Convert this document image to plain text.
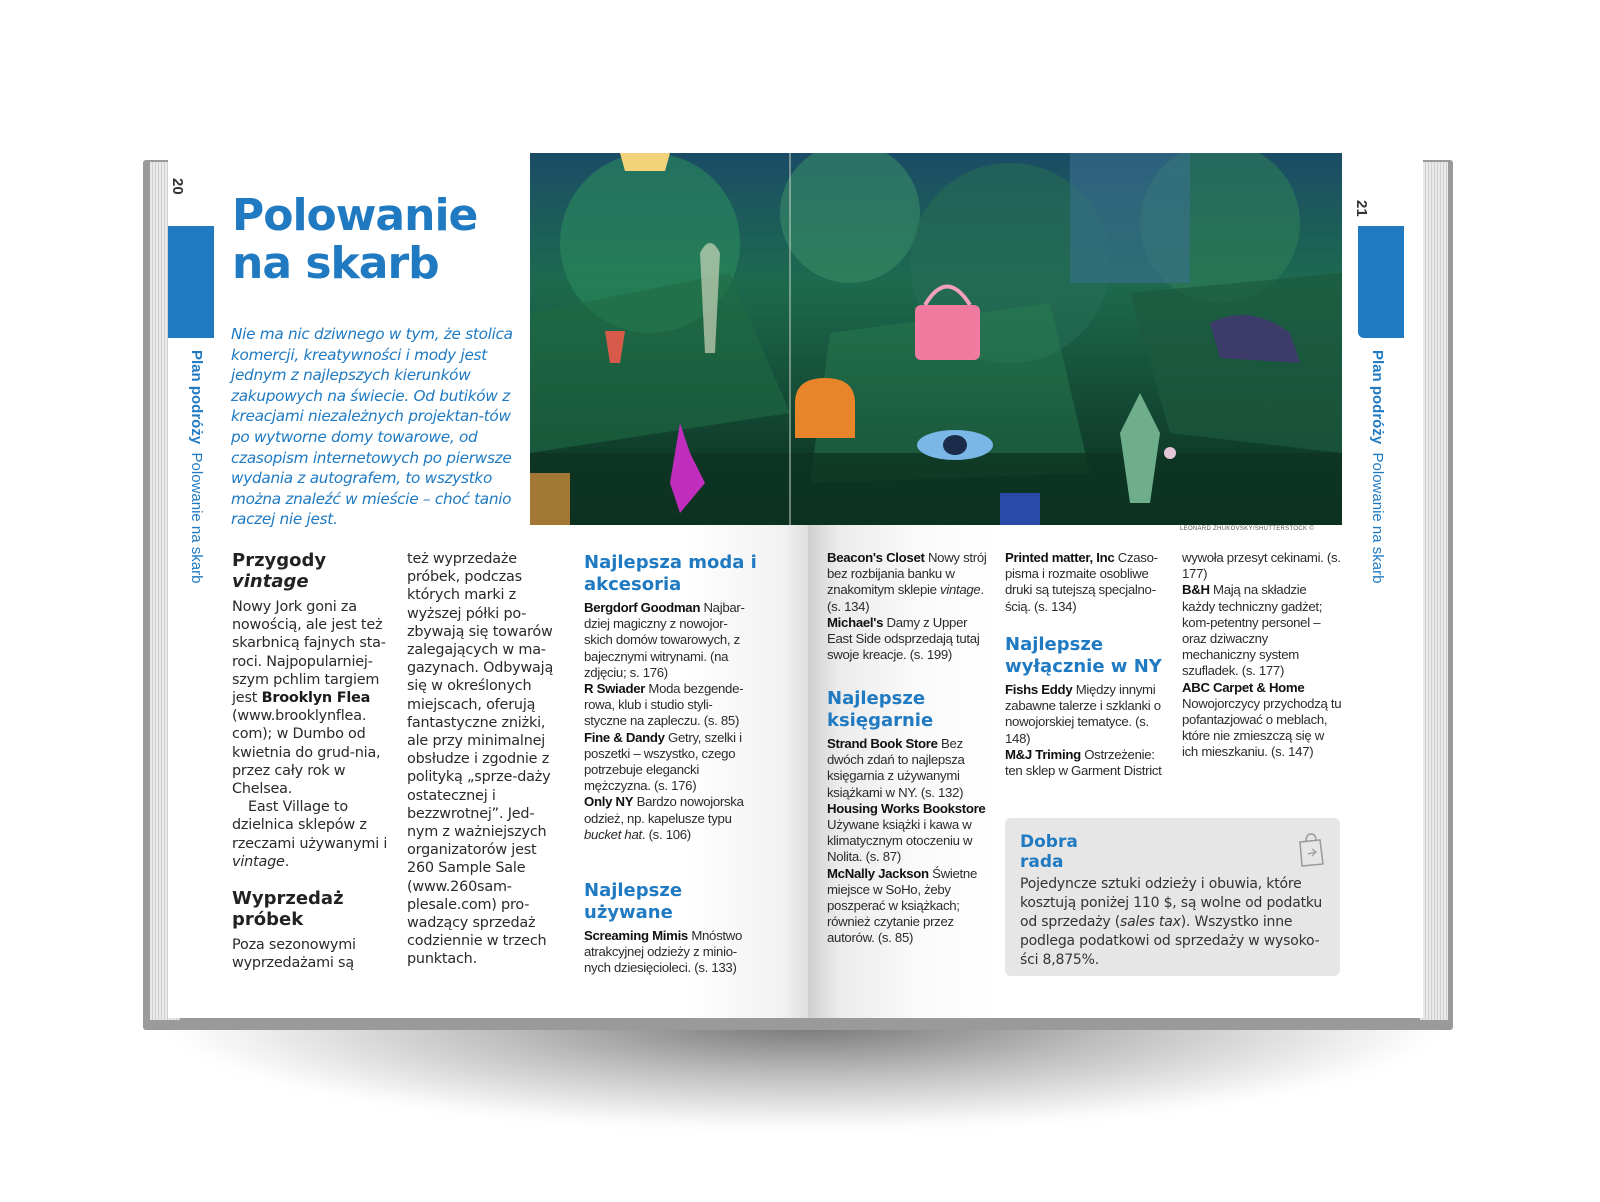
20
Plan podróży  Polowanie na skarb
Polowanie
na skarb
Nie ma nic dziwnego w tym, że stolica komercji, kreatywności i mody jest jednym z najlepszych kierunków zakupowych na świecie. Od butików z kreacjami niezależnych projektan-tów po wytworne domy towarowe, od czasopism internetowych po pierwsze wydania z autografem, to wszystko można znaleźć w mieście – choć tanio raczej nie jest.
Przygody
vintage
Nowy Jork goni za nowością, ale jest też skarbnicą fajnych sta-roci. Najpopularniej-szym pchlim targiem jest Brooklyn Flea (www.brooklynflea. com); w Dumbo od kwietnia do grud-nia, przez cały rok w Chelsea.
East Village to dzielnica sklepów z rzeczami używanymi i vintage.
Wyprzedaż próbek
Poza sezonowymi wyprzedażami są
też wyprzedaże próbek, podczas których marki z wyższej półki po-zbywają się towarów zalegających w ma-gazynach. Odbywają się w określonych miejscach, oferują fantastyczne zniżki, ale przy minimalnej obsłudze i zgodnie z polityką „sprze-daży ostatecznej i bezzwrotnej”. Jed-nym z ważniejszych organizatorów jest 260 Sample Sale (www.260sam-plesale.com) pro-wadzący sprzedaż codziennie w trzech punktach.
Najlepsza moda i akcesoria
Bergdorf Goodman Najbar-dziej magiczny z nowojor-skich domów towarowych, z bajecznymi witrynami. (na zdjęciu; s. 176)
R Swiader Moda bezgende-rowa, klub i studio styli-styczne na zapleczu. (s. 85)
Fine & Dandy Getry, szelki i poszetki – wszystko, czego potrzebuje elegancki mężczyzna. (s. 176)
Only NY Bardzo nowojorska odzież, np. kapelusze typu bucket hat. (s. 106)
Najlepsze używane
Screaming Mimis Mnóstwo atrakcyjnej odzieży z minio-nych dziesięcioleci. (s. 133)
21
Plan podróży  Polowanie na skarb
LEONARD ZHUKOVSKY/SHUTTERSTOCK ©
Beacon's Closet Nowy strój bez rozbijania banku w znakomitym sklepie vintage. (s. 134)
Michael's Damy z Upper East Side odsprzedają tutaj swoje kreacje. (s. 199)
Najlepsze księgarnie
Strand Book Store Bez dwóch zdań to najlepsza księgarnia z używanymi książkami w NY. (s. 132)
Housing Works Bookstore Używane książki i kawa w klimatycznym otoczeniu w Nolita. (s. 87)
McNally Jackson Świetne miejsce w SoHo, żeby poszperać w książkach; również czytanie przez autorów. (s. 85)
Printed matter, Inc Czaso-pisma i rozmaite osobliwe druki są tutejszą specjalno-ścią. (s. 134)
Najlepsze wyłącznie w NY
Fishs Eddy Między innymi zabawne talerze i szklanki o nowojorskiej tematyce. (s. 148)
M&J Triming Ostrzeżenie: ten sklep w Garment District
wywoła przesyt cekinami. (s. 177)
B&H Mają na składzie każdy techniczny gadżet; kom-petentny personel – oraz dziwaczny mechaniczny system szufladek. (s. 177)
ABC Carpet & Home Nowojorczycy przychodzą tu pofantazjować o meblach, które nie zmieszczą się w ich mieszkaniu. (s. 147)
Dobra
rada
Pojedyncze sztuki odzieży i obuwia, które kosztują poniżej 110 $, są wolne od podatku od sprzedaży (sales tax). Wszystko inne podlega podatkowi od sprzedaży w wysoko-ści 8,875%.
